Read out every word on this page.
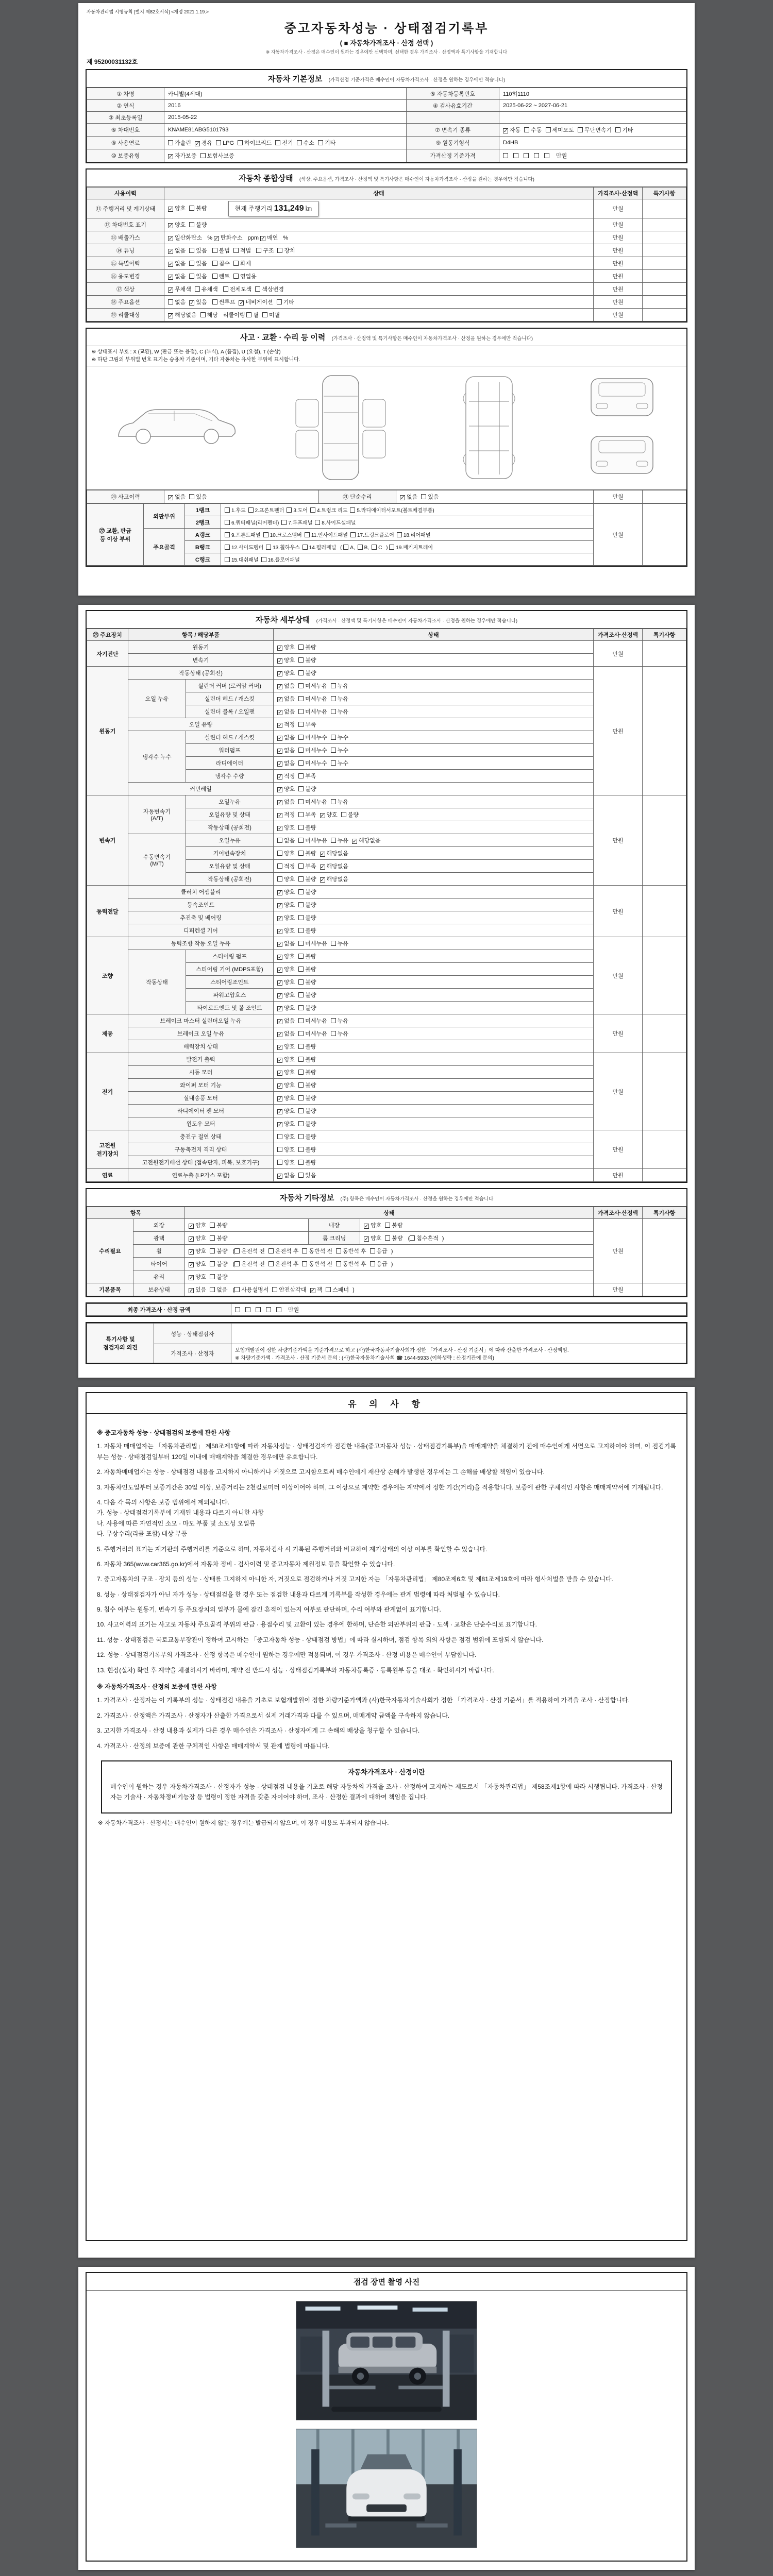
자동차관리법 시행규칙 [별지 제82호서식] <개정 2021.1.19.>
중고자동차성능 · 상태점검기록부
( ■ 자동차가격조사 · 산정 선택 )
※ 자동차가격조사 · 산정은 매수인이 원하는 경우에만 선택하며, 선택한 경우 가격조사 · 산정액과 특기사항을 기재합니다
제 95200031132호
자동차 기본정보 (가격산정 기준가격은 매수인이 자동차가격조사 · 산정을 원하는 경우에만 적습니다)
① 차명	카니발(4세대)	⑤ 자동차등록번호	110허1110
② 연식	2016	④ 검사유효기간	2025-06-22 ~ 2027-06-21
③ 최초등록일	2015-05-22		
⑥ 차대번호	KNAME81ABG5101793	⑦ 변속기 종류	✓ 자동 수동 세미오토 무단변속기 기타
⑧ 사용연료	가솔린 ✓ 경유 LPG 하이브리드 전기 수소 기타	⑨ 원동기형식	D4HB
⑩ 보증유형	✓ 자가보증 보험사보증	가격산정 기준가격	만원
자동차 종합상태 (색상, 주요옵션, 가격조사 · 산정액 및 특기사항은 매수인이 자동차가격조사 · 산정을 원하는 경우에만 적습니다)
사용이력	상태	가격조사·산정액	특기사항
⑪ 주행거리 및 계기상태	✓ 양호 불량 현재 주행거리 131,249 ㎞	만원	
⑫ 차대번호 표기	✓ 양호 불량	만원	
⑬ 배출가스	✓ 일산화탄소 % ✓ 탄화수소 ppm ✓ 매연 %	만원	
⑭ 튜닝	✓ 없음 있음 불법 적법 구조 장치	만원	
⑮ 특별이력	✓ 없음 있음 침수 화재	만원	
⑯ 용도변경	✓ 없음 있음 렌트 영업용	만원	
⑰ 색상	✓ 무채색 유채색 전체도색 색상변경	만원	
⑱ 주요옵션	없음 ✓ 있음 썬루프 ✓ 네비게이션 기타	만원	
⑲ 리콜대상	✓ 해당없음 해당 리콜이행 필 미필	만원	
사고 · 교환 · 수리 등 이력 (가격조사 · 산정액 및 특기사항은 매수인이 자동차가격조사 · 산정을 원하는 경우에만 적습니다)
※ 상태표시 부호 : X (교환), W (판금 또는 용접), C (부식), A (흠집), U (요철), T (손상)
※ 하단 그림의 부위별 번호 표기는 승용차 기준이며, 기타 자동차는 유사한 부위에 표시합니다.
⑳ 사고이력	✓ 없음 있음	㉑ 단순수리	✓ 없음 있음	만원	
㉒ 교환, 판금
등 이상 부위	외판부위	1랭크	1.후드 2.프론트펜더 3.도어 4.트렁크 리드 5.라디에이터서포트(볼트체결부품)	만원	
		2랭크	6.쿼터패널(리어펜더) 7.루프패널 8.사이드실패널		
	주요골격	A랭크	9.프론트패널 10.크로스멤버 11.인사이드패널 17.트렁크플로어 18.리어패널		
		B랭크	12.사이드멤버 13.휠하우스 14.필러패널 ( A, B, C ) 19.패키지트레이		
		C랭크	15.대쉬패널 16.플로어패널		
자동차 세부상태 (가격조사 · 산정액 및 특기사항은 매수인이 자동차가격조사 · 산정을 원하는 경우에만 적습니다)
㉓ 주요장치	항목 / 해당부품		상태	가격조사·산정액	특기사항
자기진단	원동기		✓ 양호 불량	만원	
	변속기		✓ 양호 불량		
원동기	작동상태 (공회전)		✓ 양호 불량	만원	
	오일 누유	실린더 커버 (로커암 커버)	✓ 없음 미세누유 누유		
		실린더 헤드 / 개스킷	✓ 없음 미세누유 누유		
		실린더 블록 / 오일팬	✓ 없음 미세누유 누유		
	오일 유량		✓ 적정 부족		
	냉각수 누수	실린더 헤드 / 개스킷	✓ 없음 미세누수 누수		
		워터펌프	✓ 없음 미세누수 누수		
		라디에이터	✓ 없음 미세누수 누수		
		냉각수 수량	✓ 적정 부족		
	커먼레일		✓ 양호 불량		
변속기	자동변속기
(A/T)	오일누유	✓ 없음 미세누유 누유	만원	
		오일유량 및 상태	✓ 적정 부족 ✓ 양호 불량		
		작동상태 (공회전)	✓ 양호 불량		
	수동변속기
(M/T)	오일누유	없음 미세누유 누유 ✓ 해당없음		
		기어변속장치	양호 불량 ✓ 해당없음		
		오일유량 및 상태	적정 부족 ✓ 해당없음		
		작동상태 (공회전)	양호 불량 ✓ 해당없음		
동력전달	클러치 어셈블리		✓ 양호 불량	만원	
	등속조인트		✓ 양호 불량		
	추진축 및 베어링		✓ 양호 불량		
	디퍼렌셜 기어		✓ 양호 불량		
조향	동력조향 작동 오일 누유		✓ 없음 미세누유 누유	만원	
	작동상태	스티어링 펌프	✓ 양호 불량		
		스티어링 기어 (MDPS포함)	✓ 양호 불량		
		스티어링조인트	✓ 양호 불량		
		파워고압호스	✓ 양호 불량		
		타이로드엔드 및 볼 조인트	✓ 양호 불량		
제동	브레이크 마스터 실린더오일 누유		✓ 없음 미세누유 누유	만원	
	브레이크 오일 누유		✓ 없음 미세누유 누유		
	배력장치 상태		✓ 양호 불량		
전기	발전기 출력		✓ 양호 불량	만원	
	시동 모터		✓ 양호 불량		
	와이퍼 모터 기능		✓ 양호 불량		
	실내송풍 모터		✓ 양호 불량		
	라디에이터 팬 모터		✓ 양호 불량		
	윈도우 모터		✓ 양호 불량		
고전원
전기장치	충전구 절연 상태		양호 불량	만원	
	구동축전지 격리 상태		양호 불량		
	고전원전기배선 상태 (접속단자, 피복, 보호기구)		양호 불량		
연료	연료누출 (LP가스 포함)		✓ 없음 있음	만원	
자동차 기타정보 (주) 항목은 매수인이 자동차가격조사 · 산정을 원하는 경우에만 적습니다
항목		상태			가격조사·산정액	특기사항
수리필요	외장	✓ 양호 불량	내장	✓ 양호 불량	만원	
	광택	✓ 양호 불량	룸 크리닝	✓ 양호 불량 ( 침수흔적 )		
	휠	✓ 양호 불량 ( 운전석 전 운전석 후 동반석 전 동반석 후 응급 )				
	타이어	✓ 양호 불량 ( 운전석 전 운전석 후 동반석 전 동반석 후 응급 )				
	유리	✓ 양호 불량				
기본품목	보유상태	✓ 있음 없음 ( 사용설명서 안전삼각대 ✓ 잭 스패너 )			만원	
최종 가격조사 · 산정 금액	만원
특기사항 및
점검자의 의견	성능 · 상태점검자	
	가격조사 · 산정자	보험개발원이 정한 차량기준가액을 기준가격으로 하고 (사)한국자동차기술사회가 정한 「가격조사 · 산정 기준서」에 따라 산출한 가격조사 · 산정액임.
※ 차량기준가액 · 가격조사 · 산정 기준서 문의 : (사)한국자동차기술사회 ☎ 1644-5933 (이하생략 : 산정기관에 문의)
유 의 사 항
※ 중고자동차 성능 · 상태점검의 보증에 관한 사항

1. 자동차 매매업자는 「자동차관리법」 제58조제1항에 따라 자동차성능 · 상태점검자가 점검한 내용(중고자동차 성능 · 상태점검기록부)을 매매계약을 체결하기 전에 매수인에게 서면으로 고지하여야 하며, 이 점검기록부는 성능 · 상태점검일부터 120일 이내에 매매계약을 체결한 경우에만 유효합니다.

2. 자동차매매업자는 성능 · 상태점검 내용을 고지하지 아니하거나 거짓으로 고지함으로써 매수인에게 재산상 손해가 발생한 경우에는 그 손해를 배상할 책임이 있습니다.

3. 자동차인도일부터 보증기간은 30일 이상, 보증거리는 2천킬로미터 이상이어야 하며, 그 이상으로 계약한 경우에는 계약에서 정한 기간(거리)을 적용합니다. 보증에 관한 구체적인 사항은 매매계약서에 기재됩니다.

4. 다음 각 목의 사항은 보증 범위에서 제외됩니다.
가. 성능 · 상태점검기록부에 기재된 내용과 다르지 아니한 사항
나. 사용에 따른 자연적인 소모 · 마모 부품 및 소모성 오일류
다. 무상수리(리콜 포함) 대상 부품

5. 주행거리의 표기는 계기판의 주행거리를 기준으로 하며, 자동차검사 시 기록된 주행거리와 비교하여 계기상태의 이상 여부를 확인할 수 있습니다.

6. 자동차 365(www.car365.go.kr)에서 자동차 정비 · 검사이력 및 중고자동차 제원정보 등을 확인할 수 있습니다.

7. 중고자동차의 구조 · 장치 등의 성능 · 상태를 고지하지 아니한 자, 거짓으로 점검하거나 거짓 고지한 자는 「자동차관리법」 제80조제6호 및 제81조제19호에 따라 형사처벌을 받을 수 있습니다.

8. 성능 · 상태점검자가 아닌 자가 성능 · 상태점검을 한 경우 또는 점검한 내용과 다르게 기록부를 작성한 경우에는 관계 법령에 따라 처벌될 수 있습니다.

9. 침수 여부는 원동기, 변속기 등 주요장치의 일부가 물에 잠긴 흔적이 있는지 여부로 판단하며, 수리 여부와 관계없이 표기합니다.

10. 사고이력의 표기는 사고로 자동차 주요골격 부위의 판금 · 용접수리 및 교환이 있는 경우에 한하며, 단순한 외판부위의 판금 · 도색 · 교환은 단순수리로 표기합니다.

11. 성능 · 상태점검은 국토교통부장관이 정하여 고시하는 「중고자동차 성능 · 상태점검 방법」에 따라 실시하며, 점검 항목 외의 사항은 점검 범위에 포함되지 않습니다.

12. 성능 · 상태점검기록부의 가격조사 · 산정 항목은 매수인이 원하는 경우에만 적용되며, 이 경우 가격조사 · 산정 비용은 매수인이 부담합니다.

13. 현장(실차) 확인 후 계약을 체결하시기 바라며, 계약 전 반드시 성능 · 상태점검기록부와 자동차등록증 · 등록원부 등을 대조 · 확인하시기 바랍니다.

※ 자동차가격조사 · 산정의 보증에 관한 사항

1. 가격조사 · 산정자는 이 기록부의 성능 · 상태점검 내용을 기초로 보험개발원이 정한 차량기준가액과 (사)한국자동차기술사회가 정한 「가격조사 · 산정 기준서」를 적용하여 가격을 조사 · 산정합니다.

2. 가격조사 · 산정액은 가격조사 · 산정자가 산출한 가격으로서 실제 거래가격과 다를 수 있으며, 매매계약 금액을 구속하지 않습니다.

3. 고지한 가격조사 · 산정 내용과 실제가 다른 경우 매수인은 가격조사 · 산정자에게 그 손해의 배상을 청구할 수 있습니다.

4. 가격조사 · 산정의 보증에 관한 구체적인 사항은 매매계약서 및 관계 법령에 따릅니다.

자동차가격조사 · 산정이란

매수인이 원하는 경우 자동차가격조사 · 산정자가 성능 · 상태점검 내용을 기초로 해당 자동차의 가격을 조사 · 산정하여 고지하는 제도로서 「자동차관리법」 제58조제1항에 따라 시행됩니다. 가격조사 · 산정자는 기술사 · 자동차정비기능장 등 법령이 정한 자격을 갖춘 자이어야 하며, 조사 · 산정한 결과에 대하여 책임을 집니다.

※ 자동차가격조사 · 산정서는 매수인이 원하지 않는 경우에는 발급되지 않으며, 이 경우 비용도 부과되지 않습니다.

점검 장면 촬영 사진
